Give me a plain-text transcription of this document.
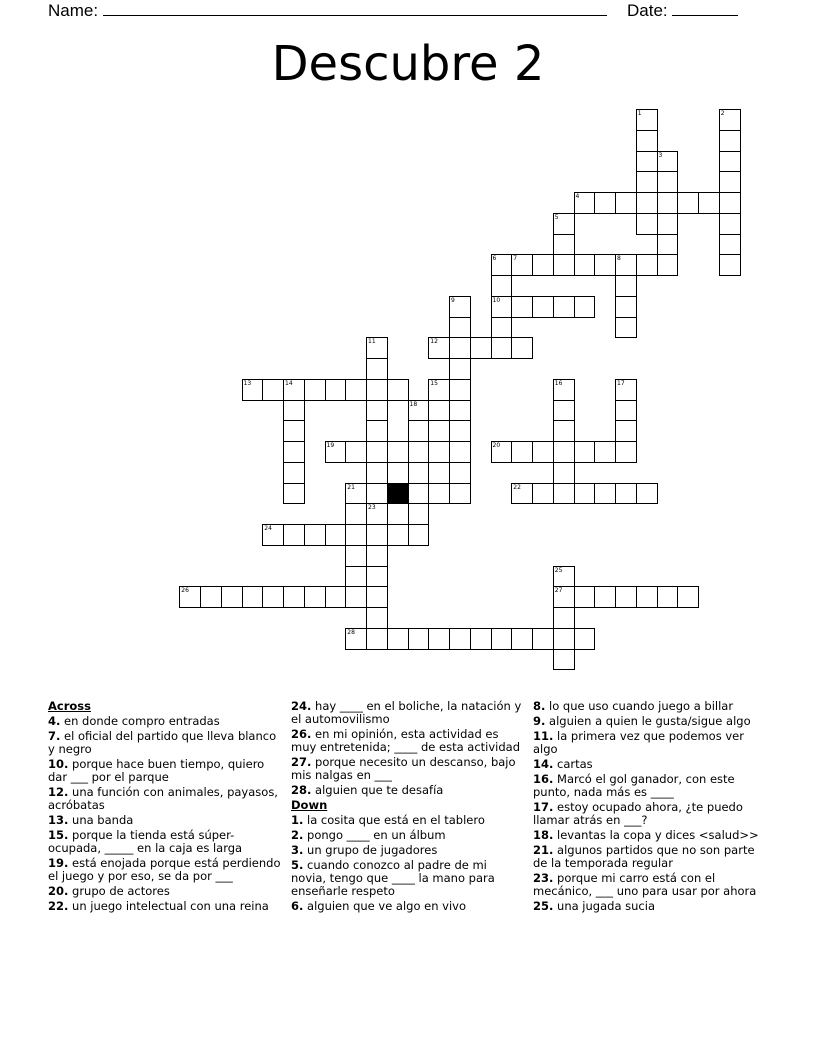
Name:	Date:
Descubre 2
1	2
3
4
5
6
10
7	8
9
11	12
13	14	15	16	17
18
19	20
21	22
23
24
25
27
26
28
Across
4. en donde compro entradas
7. el oficial del partido que lleva blanco y negro
10. porque hace buen tiempo, quiero dar ___ por el parque
12. una función con animales, payasos, acróbatas
13. una banda
15. porque la tienda está súper-ocupada, _____ en la caja es larga
19. está enojada porque está perdiendo el juego y por eso, se da por ___
20. grupo de actores
22. un juego intelectual con una reina
24. hay ____ en el boliche, la natación y el automovilismo
26. en mi opinión, esta actividad es muy entretenida; ____ de esta actividad
27. porque necesito un descanso, bajo mis nalgas en ___
28. alguien que te desafía
Down
1. la cosita que está en el tablero
2. pongo ____ en un álbum
3. un grupo de jugadores
5. cuando conozco al padre de mi novia, tengo que ____ la mano para enseñarle respeto
6. alguien que ve algo en vivo
8. lo que uso cuando juego a billar
9. alguien a quien le gusta/sigue algo
11. la primera vez que podemos ver algo
14. cartas
16. Marcó el gol ganador, con este punto, nada más es ____
17. estoy ocupado ahora, ¿te puedo llamar atrás en ___?
18. levantas la copa y dices <salud>>
21. algunos partidos que no son parte de la temporada regular
23. porque mi carro está con el mecánico, ___ uno para usar por ahora
25. una jugada sucia
